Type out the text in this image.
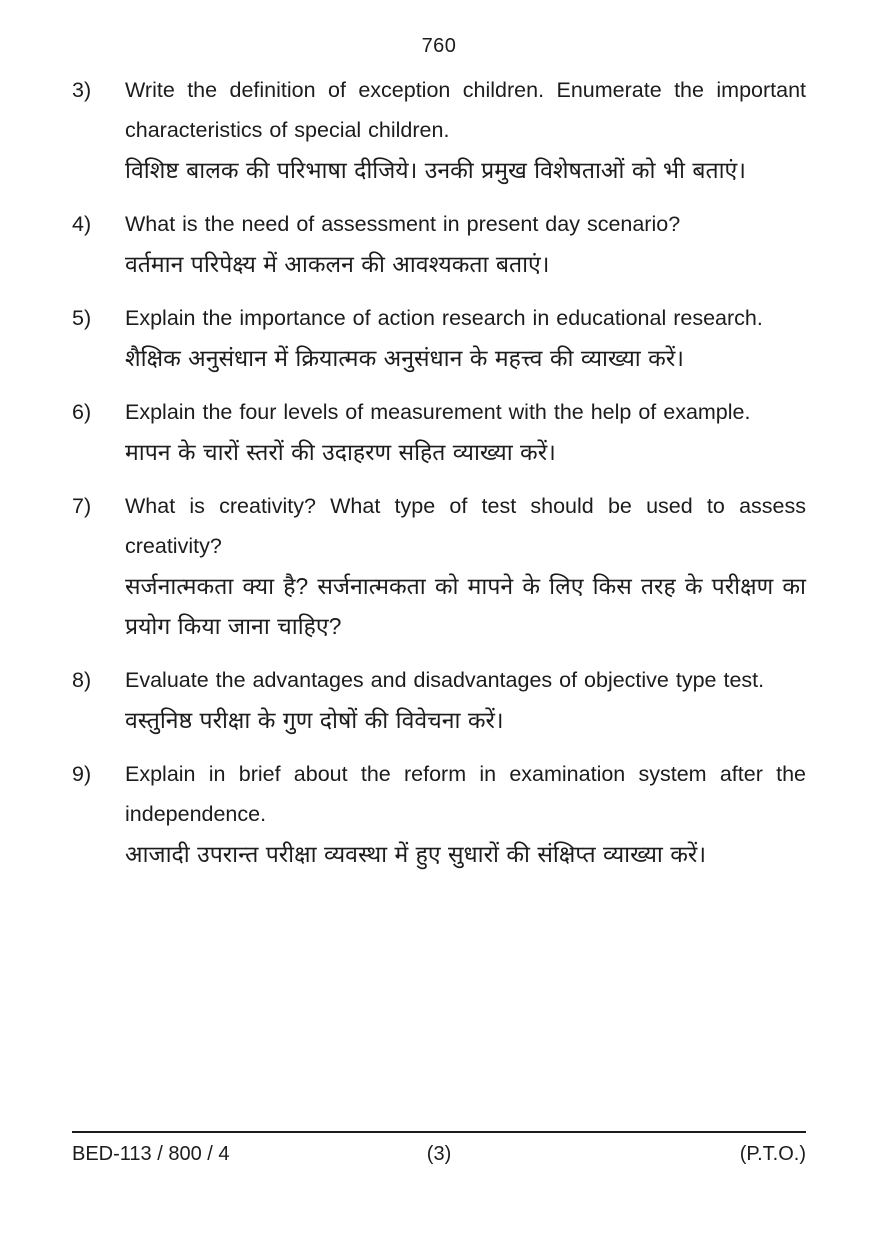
760
3)	Write the definition of exception children. Enumerate the important characteristics of special children.

विशिष्ट बालक की परिभाषा दीजिये। उनकी प्रमुख विशेषताओं को भी बताएं।

4)	What is the need of assessment in present day scenario?

वर्तमान परिपेक्ष्य में आकलन की आवश्यकता बताएं।

5)	Explain the importance of action research in educational research.

शैक्षिक अनुसंधान में क्रियात्मक अनुसंधान के महत्त्व की व्याख्या करें।

6)	Explain the four levels of measurement with the help of example.

मापन के चारों स्तरों की उदाहरण सहित व्याख्या करें।

7)	What is creativity? What type of test should be used to assess creativity?

सर्जनात्मकता क्या है? सर्जनात्मकता को मापने के लिए किस तरह के परीक्षण का प्रयोग किया जाना चाहिए?

8)	Evaluate the advantages and disadvantages of objective type test.

वस्तुनिष्ठ परीक्षा के गुण दोषों की विवेचना करें।

9)	Explain in brief about the reform in examination system after the independence.

आजादी उपरान्त परीक्षा व्यवस्था में हुए सुधारों की संक्षिप्त व्याख्या करें।

BED-113 / 800 / 4	(3)	(P.T.O.)
